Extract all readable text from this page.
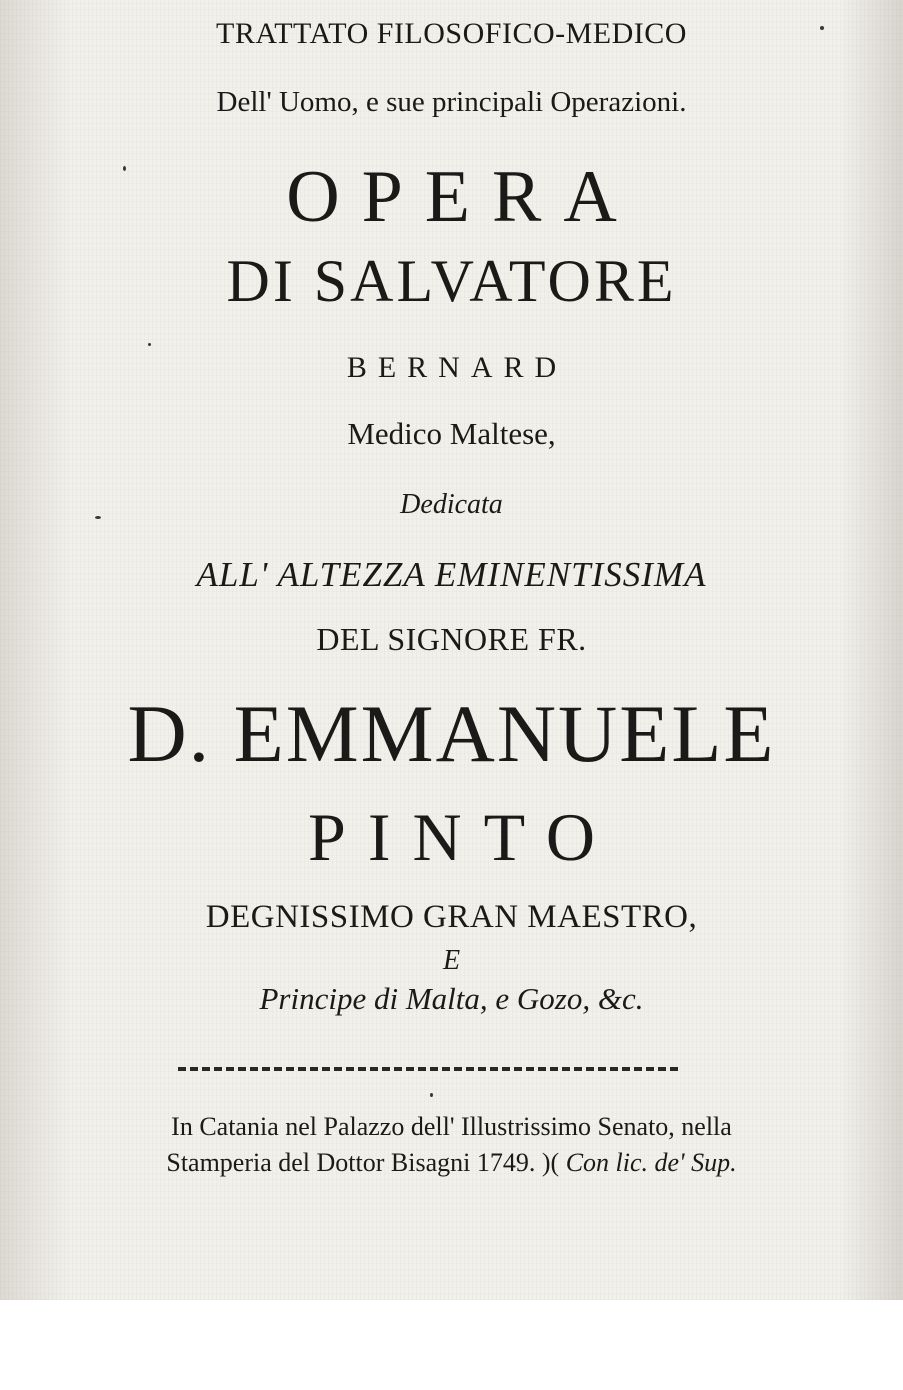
TRATTATO FILOSOFICO-MEDICO
Dell' Uomo, e sue principali Operazioni.
OPERA
DI SALVATORE
BERNARD
Medico Maltese,
Dedicata
ALL' ALTEZZA EMINENTISSIMA
DEL SIGNORE FR.
D. EMMANUELE
PINTO
DEGNISSIMO GRAN MAESTRO,
E
Principe di Malta, e Gozo, &c.
In Catania nel Palazzo dell' Illustrissimo Senato, nella
Stamperia del Dottor Bisagni 1749. )( Con lic. de' Sup.
